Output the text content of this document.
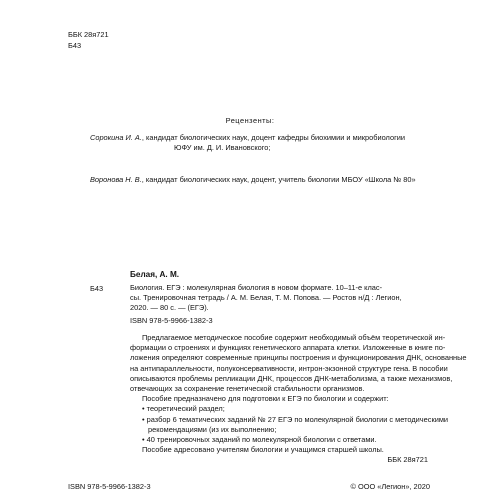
ББК 28я721
Б43
Рецензенты:
Сорокина И. А., кандидат биологических наук, доцент кафедры биохимии и микробиологии
ЮФУ им. Д. И. Ивановского;
Воронова Н. В., кандидат биологических наук, доцент, учитель биологии МБОУ «Школа № 80»
Белая, А. М.
Б43	Биология. ЕГЭ : молекулярная биология в новом формате. 10–11-е клас-
сы. Тренировочная тетрадь / А. М. Белая, Т. М. Попова. — Ростов н/Д : Легион,
2020. — 80 с. — (ЕГЭ).
ISBN 978-5-9966-1382-3
Предлагаемое методическое пособие содержит необходимый объём теоретической ин-
формации о строениях и функциях генетического аппарата клетки. Изложенные в книге по-
ложения определяют современные принципы построения и функционирования ДНК, основанные
на антипараллельности, полуконсервативности, интрон-экзонной структуре гена. В пособии
описываются проблемы репликации ДНК, процессов ДНК-метаболизма, а также механизмов,
отвечающих за сохранение генетической стабильности организмов.
Пособие предназначено для подготовки к ЕГЭ по биологии и содержит:
• теоретический раздел;
• разбор 6 тематических заданий № 27 ЕГЭ по молекулярной биологии с методическими
рекомендациями (из их выполнению;
• 40 тренировочных заданий по молекулярной биологии с ответами.
Пособие адресовано учителям биологии и учащимся старшей школы.
ББК 28я721
ISBN 978-5-9966-1382-3	© ООО «Легион», 2020
